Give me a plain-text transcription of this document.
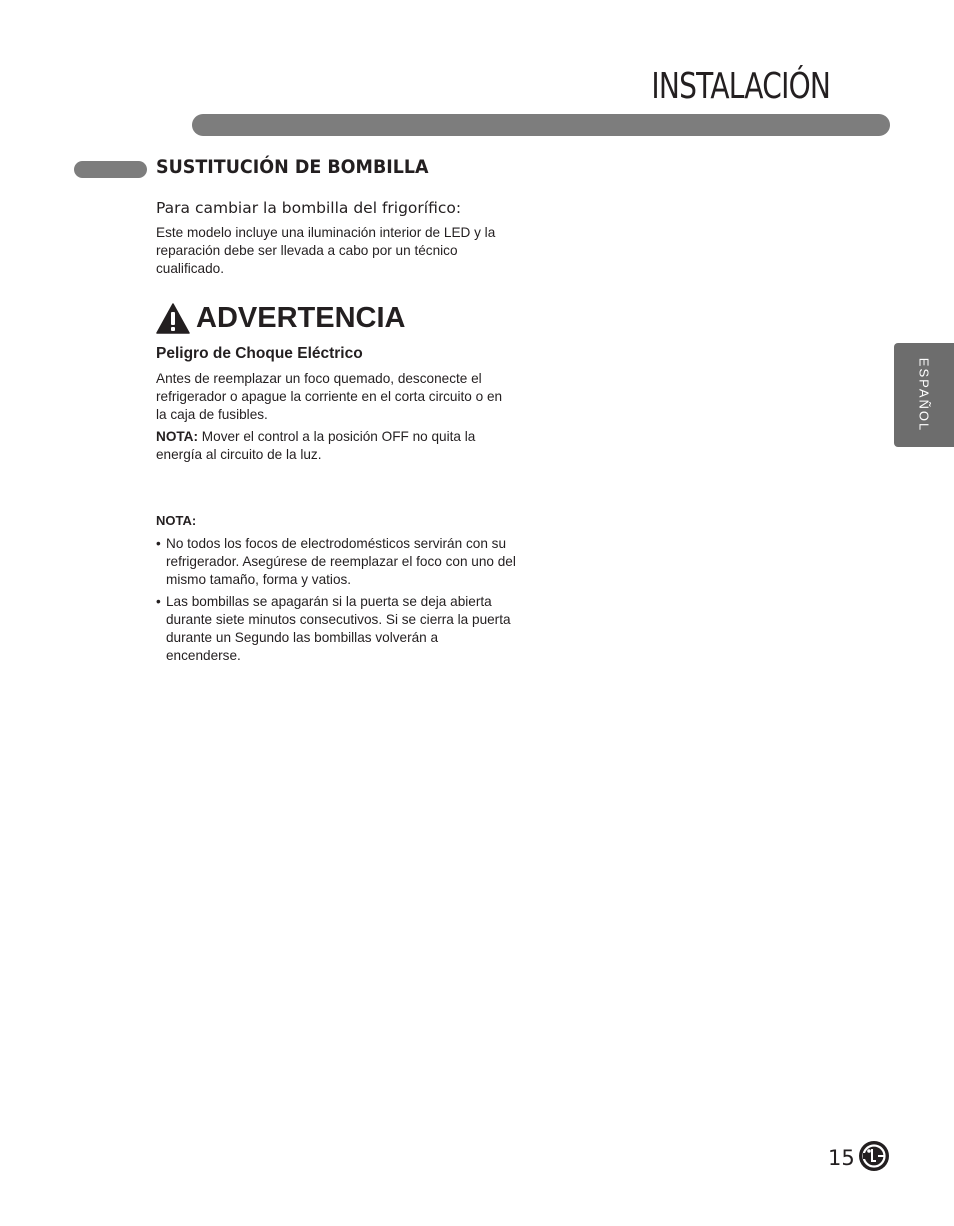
INSTALACIÓN
SUSTITUCIÓN DE BOMBILLA
Para cambiar la bombilla del frigorífico:

Este modelo incluye una iluminación interior de LED y la reparación debe ser llevada a cabo por un técnico cualificado.

ADVERTENCIA
Peligro de Choque Eléctrico

Antes de reemplazar un foco quemado, desconecte el refrigerador o apague la corriente en el corta circuito o en la caja de fusibles.

NOTA: Mover el control a la posición OFF no quita la energía al circuito de la luz.

NOTA:
• No todos los focos de electrodomésticos servirán con su refrigerador. Asegúrese de reemplazar el foco con uno del mismo tamaño, forma y vatios.
• Las bombillas se apagarán si la puerta se deja abierta durante siete minutos consecutivos. Si se cierra la puerta durante un Segundo las bombillas volverán a encenderse.
ESPAÑOL
15
